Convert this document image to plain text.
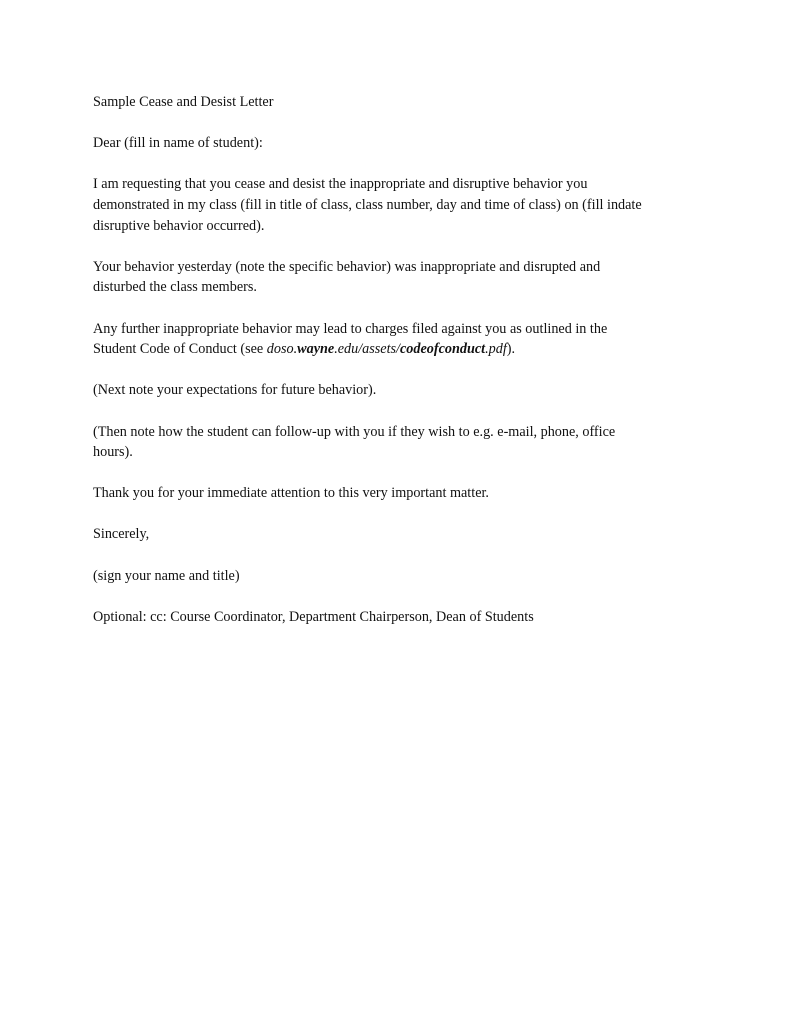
Sample Cease and Desist Letter

Dear (fill in name of student):

I am requesting that you cease and desist the inappropriate and disruptive behavior you
demonstrated in my class (fill in title of class, class number, day and time of class) on (fill indate
disruptive behavior occurred).

Your behavior yesterday (note the specific behavior) was inappropriate and disrupted and
disturbed the class members.

Any further inappropriate behavior may lead to charges filed against you as outlined in the
Student Code of Conduct (see doso.wayne.edu/assets/codeofconduct.pdf).

(Next note your expectations for future behavior).

(Then note how the student can follow-up with you if they wish to e.g. e-mail, phone, office
hours).

Thank you for your immediate attention to this very important matter.

Sincerely,

(sign your name and title)

Optional: cc: Course Coordinator, Department Chairperson, Dean of Students
